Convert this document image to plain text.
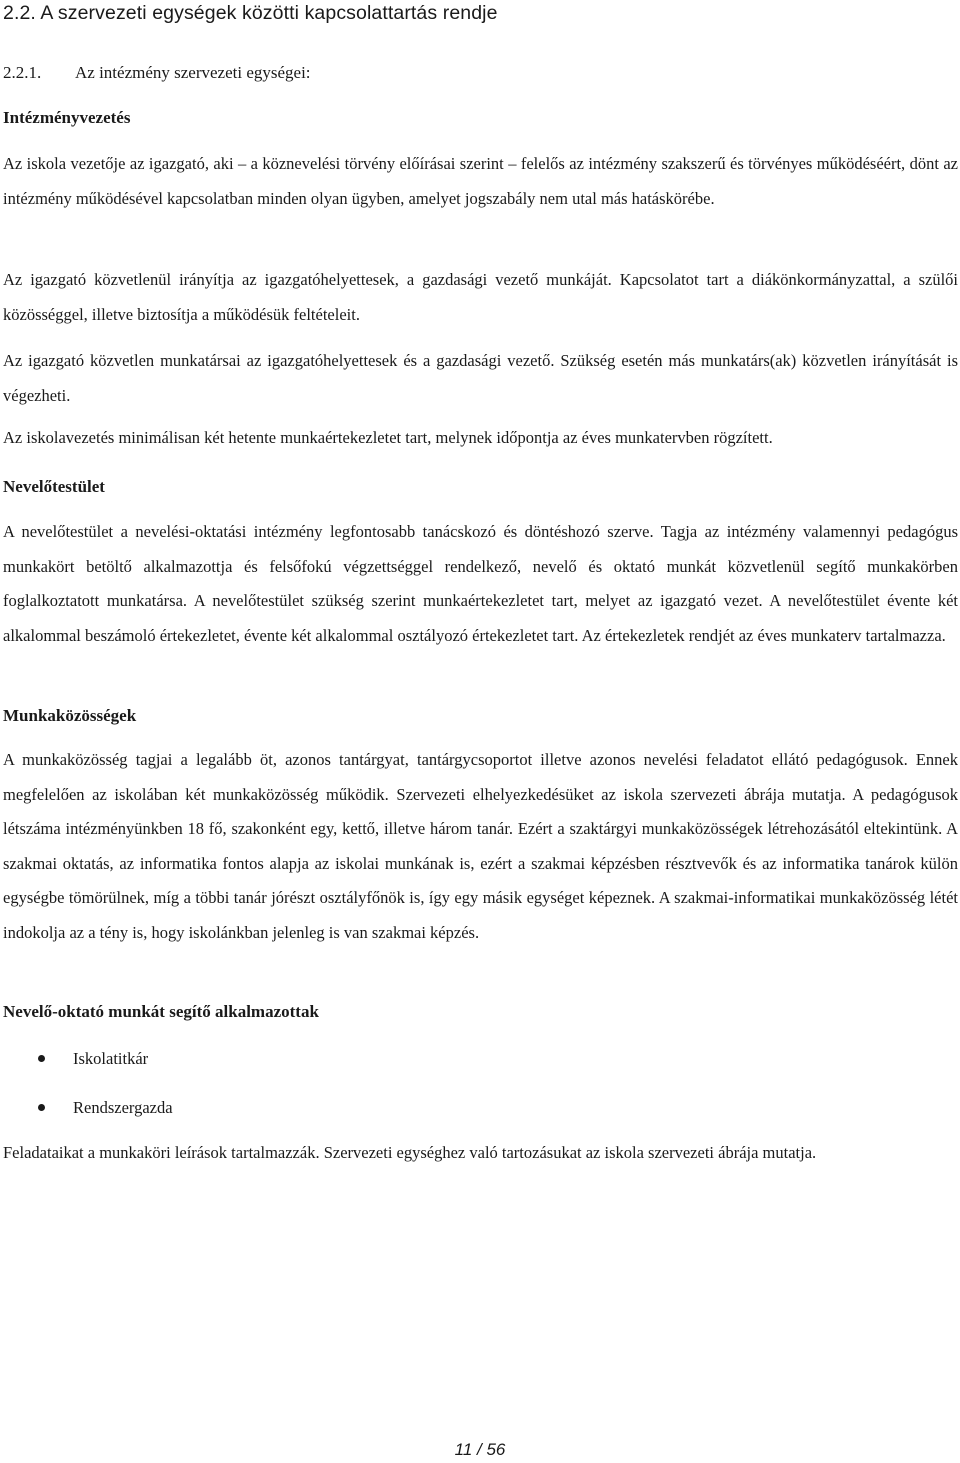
2.2. A szervezeti egységek közötti kapcsolattartás rendje
2.2.1.	Az intézmény szervezeti egységei:
Intézményvezetés

Az iskola vezetője az igazgató, aki – a köznevelési törvény előírásai szerint – felelős az intézmény szakszerű és törvényes működéséért, dönt az intézmény működésével kapcsolatban minden olyan ügyben, amelyet jogszabály nem utal más hatáskörébe.

Az igazgató közvetlenül irányítja az igazgatóhelyettesek, a gazdasági vezető munkáját. Kapcsolatot tart a diákönkormányzattal, a szülői közösséggel, illetve biztosítja a működésük feltételeit.

Az igazgató közvetlen munkatársai az igazgatóhelyettesek és a gazdasági vezető. Szükség esetén más munkatárs(ak) közvetlen irányítását is végezheti.

Az iskolavezetés minimálisan két hetente munkaértekezletet tart, melynek időpontja az éves munkatervben rögzített.

Nevelőtestület

A nevelőtestület a nevelési-oktatási intézmény legfontosabb tanácskozó és döntéshozó szerve. Tagja az intézmény valamennyi pedagógus munkakört betöltő alkalmazottja és felsőfokú végzettséggel rendelkező, nevelő és oktató munkát közvetlenül segítő munkakörben foglalkoztatott munkatársa. A nevelőtestület szükség szerint munkaértekezletet tart, melyet az igazgató vezet. A nevelőtestület évente két alkalommal beszámoló értekezletet, évente két alkalommal osztályozó értekezletet tart. Az értekezletek rendjét az éves munkaterv tartalmazza.

Munkaközösségek

A munkaközösség tagjai a legalább öt, azonos tantárgyat, tantárgycsoportot illetve azonos nevelési feladatot ellátó pedagógusok. Ennek megfelelően az iskolában két munkaközösség működik. Szervezeti elhelyezkedésüket az iskola szervezeti ábrája mutatja. A pedagógusok létszáma intézményünkben 18 fő, szakonként egy, kettő, illetve három tanár. Ezért a szaktárgyi munkaközösségek létrehozásától eltekintünk. A szakmai oktatás, az informatika fontos alapja az iskolai munkának is, ezért a szakmai képzésben résztvevők és az informatika tanárok külön egységbe tömörülnek, míg a többi tanár jórészt osztályfőnök is, így egy másik egységet képeznek. A szakmai-informatikai munkaközösség létét indokolja az a tény is, hogy iskolánkban jelenleg is van szakmai képzés.

Nevelő-oktató munkát segítő alkalmazottak
Iskolatitkár
Rendszergazda

Feladataikat a munkaköri leírások tartalmazzák. Szervezeti egységhez való tartozásukat az iskola szervezeti ábrája mutatja.

11 / 56
